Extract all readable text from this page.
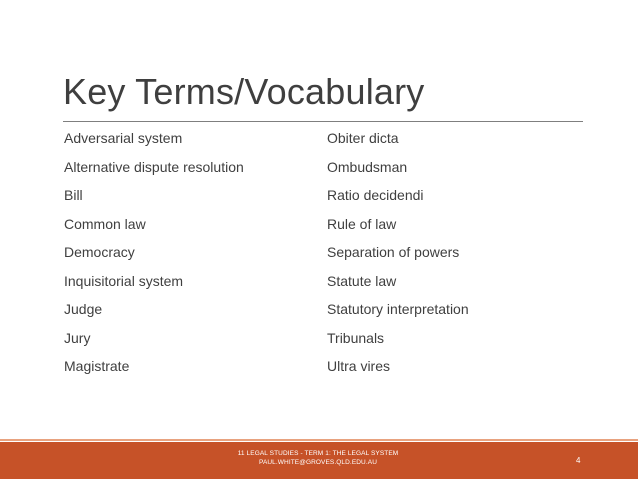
Key Terms/Vocabulary
Adversarial system
Alternative dispute resolution
Bill
Common law
Democracy
Inquisitorial system
Judge
Jury
Magistrate
Obiter dicta
Ombudsman
Ratio decidendi
Rule of law
Separation of powers
Statute law
Statutory interpretation
Tribunals
Ultra vires
11 LEGAL STUDIES - TERM 1: THE LEGAL SYSTEM
PAUL.WHITE@GROVES.QLD.EDU.AU	4
